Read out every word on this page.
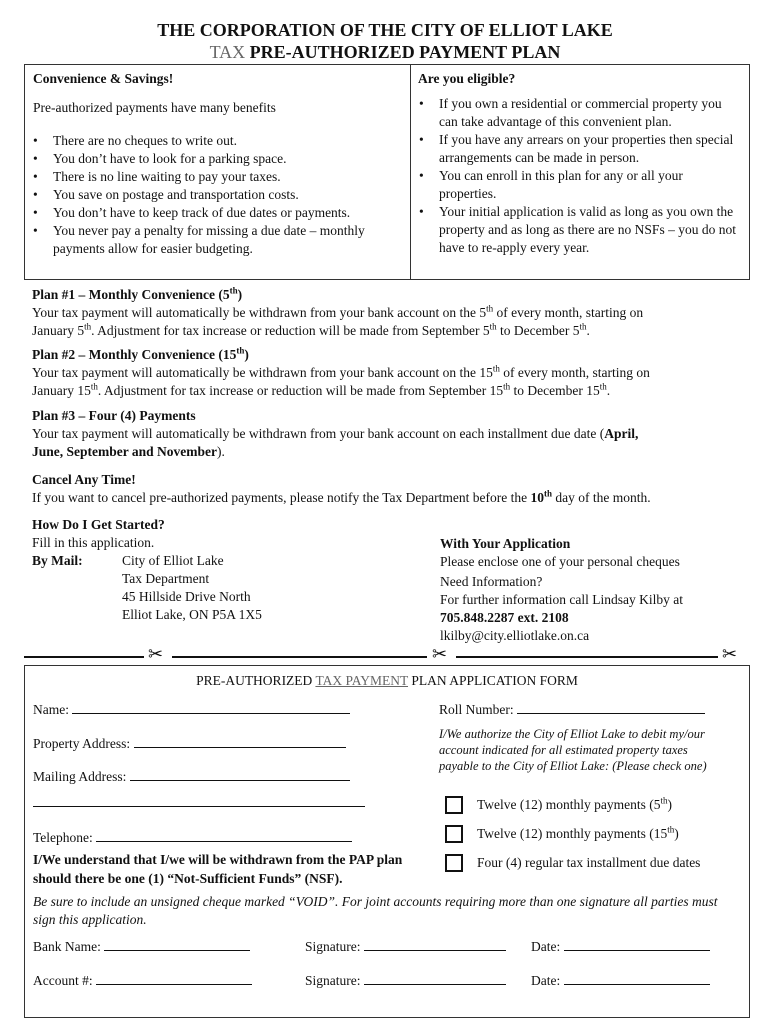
THE CORPORATION OF THE CITY OF ELLIOT LAKE
TAX PRE-AUTHORIZED PAYMENT PLAN
Convenience & Savings!
Pre-authorized payments have many benefits
• There are no cheques to write out.
• You don’t have to look for a parking space.
• There is no line waiting to pay your taxes.
• You save on postage and transportation costs.
• You don’t have to keep track of due dates or payments.
• You never pay a penalty for missing a due date – monthly payments allow for easier budgeting.
Are you eligible?
• If you own a residential or commercial property you can take advantage of this convenient plan.
• If you have any arrears on your properties then special arrangements can be made in person.
• You can enroll in this plan for any or all your properties.
• Your initial application is valid as long as you own the property and as long as there are no NSFs – you do not have to re-apply every year.
Plan #1 – Monthly Convenience (5th)
Your tax payment will automatically be withdrawn from your bank account on the 5th of every month, starting on
January 5th. Adjustment for tax increase or reduction will be made from September 5th to December 5th.
Plan #2 – Monthly Convenience (15th)
Your tax payment will automatically be withdrawn from your bank account on the 15th of every month, starting on
January 15th. Adjustment for tax increase or reduction will be made from September 15th to December 15th.
Plan #3 – Four (4) Payments
Your tax payment will automatically be withdrawn from your bank account on each installment due date (April,
June, September and November).
Cancel Any Time!
If you want to cancel pre-authorized payments, please notify the Tax Department before the 10th day of the month.
How Do I Get Started?
Fill in this application.
By Mail:	City of Elliot Lake
Tax Department
45 Hillside Drive North
Elliot Lake, ON P5A 1X5
With Your Application
Please enclose one of your personal cheques
Need Information?
For further information call Lindsay Kilby at
705.848.2287 ext. 2108
lkilby@city.elliotlake.on.ca
✂	✂	✂
PRE-AUTHORIZED TAX PAYMENT PLAN APPLICATION FORM
Name:
Property Address:
Mailing Address:
Telephone:
I/We understand that I/we will be withdrawn from the PAP plan should there be one (1) “Not-Sufficient Funds” (NSF).
Roll Number:
I/We authorize the City of Elliot Lake to debit my/our account indicated for all estimated property taxes payable to the City of Elliot Lake: (Please check one)
Twelve (12) monthly payments (5th)
Twelve (12) monthly payments (15th)
Four (4) regular tax installment due dates
Be sure to include an unsigned cheque marked “VOID”. For joint accounts requiring more than one signature all parties must sign this application.
Bank Name:	Signature:	Date:
Account #:	Signature:	Date:
